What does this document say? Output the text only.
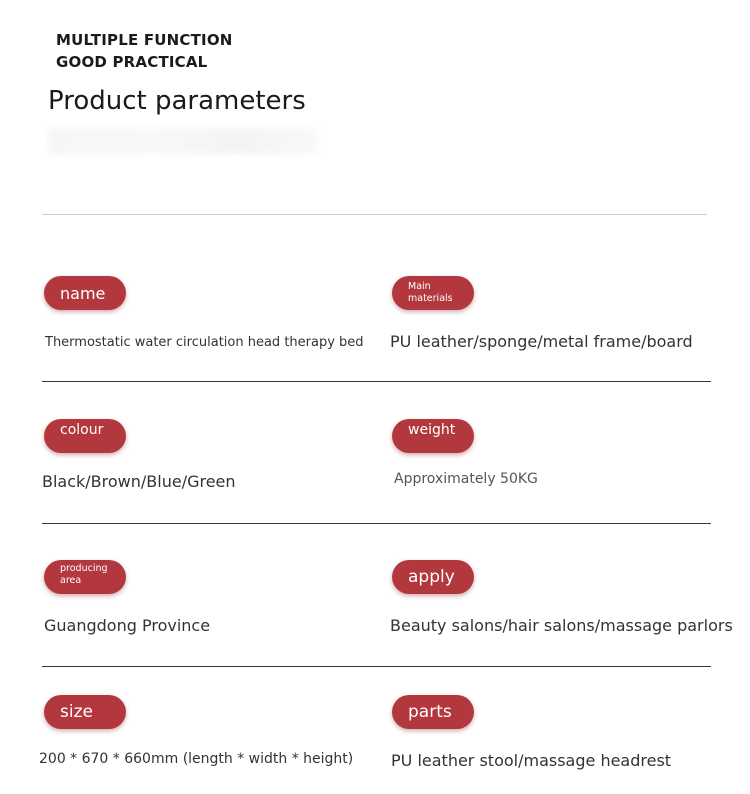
MULTIPLE FUNCTION
GOOD PRACTICAL
Product parameters
name
Thermostatic water circulation head therapy bed
Main
materials
PU leather/sponge/metal frame/board
colour
Black/Brown/Blue/Green
weight
Approximately 50KG
producing
area
Guangdong Province
apply
Beauty salons/hair salons/massage parlors
size
200 * 670 * 660mm (length * width * height)
parts
PU leather stool/massage headrest
